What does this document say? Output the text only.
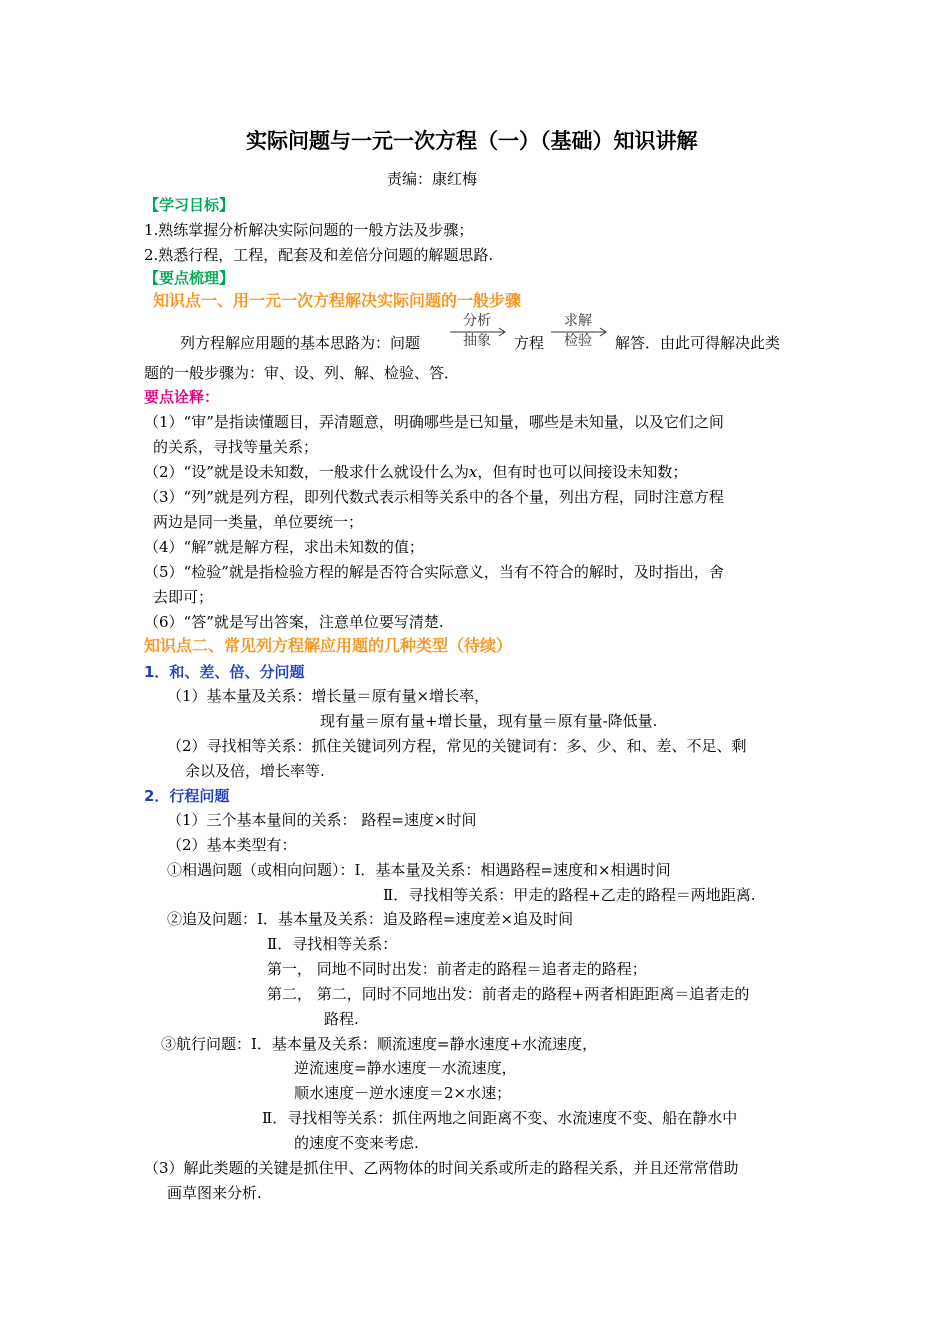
实际问题与一元一次方程（一）（基础）知识讲解
责编：康红梅
【学习目标】
1.熟练掌握分析解决实际问题的一般方法及步骤；
2.熟悉行程，工程，配套及和差倍分问题的解题思路.
【要点梳理】
知识点一、用一元一次方程解决实际问题的一般步骤
列方程解应用题的基本思路为：问题
分析
抽象	方程
求解
检验	解答．由此可得解决此类
题的一般步骤为：审、设、列、解、检验、答．
要点诠释：
（1）“审”是指读懂题目，弄清题意，明确哪些是已知量，哪些是未知量，以及它们之间
的关系，寻找等量关系；
（2）“设”就是设未知数，一般求什么就设什么为x，但有时也可以间接设未知数；
（3）“列”就是列方程，即列代数式表示相等关系中的各个量，列出方程，同时注意方程
两边是同一类量，单位要统一；
（4）“解”就是解方程，求出未知数的值；
（5）“检验”就是指检验方程的解是否符合实际意义，当有不符合的解时，及时指出，舍
去即可；
（6）“答”就是写出答案，注意单位要写清楚.
知识点二、常见列方程解应用题的几种类型（待续）
1．和、差、倍、分问题
（1）基本量及关系：增长量＝原有量×增长率，
现有量＝原有量+增长量，现有量＝原有量-降低量.
（2）寻找相等关系：抓住关键词列方程，常见的关键词有：多、少、和、差、不足、剩
余以及倍，增长率等.
2．行程问题
（1）三个基本量间的关系： 路程=速度×时间
（2）基本类型有：
①相遇问题（或相向问题）：Ⅰ．基本量及关系：相遇路程=速度和×相遇时间
Ⅱ．寻找相等关系：甲走的路程+乙走的路程＝两地距离.
②追及问题：Ⅰ．基本量及关系：追及路程=速度差×追及时间
Ⅱ．寻找相等关系：
第一， 同地不同时出发：前者走的路程＝追者走的路程；
第二， 第二，同时不同地出发：前者走的路程+两者相距距离＝追者走的
路程.
③航行问题：Ⅰ．基本量及关系：顺流速度=静水速度+水流速度，
逆流速度=静水速度－水流速度，
顺水速度－逆水速度＝2×水速；
Ⅱ．寻找相等关系：抓住两地之间距离不变、水流速度不变、船在静水中
的速度不变来考虑.
（3）解此类题的关键是抓住甲、乙两物体的时间关系或所走的路程关系，并且还常常借助
画草图来分析.
